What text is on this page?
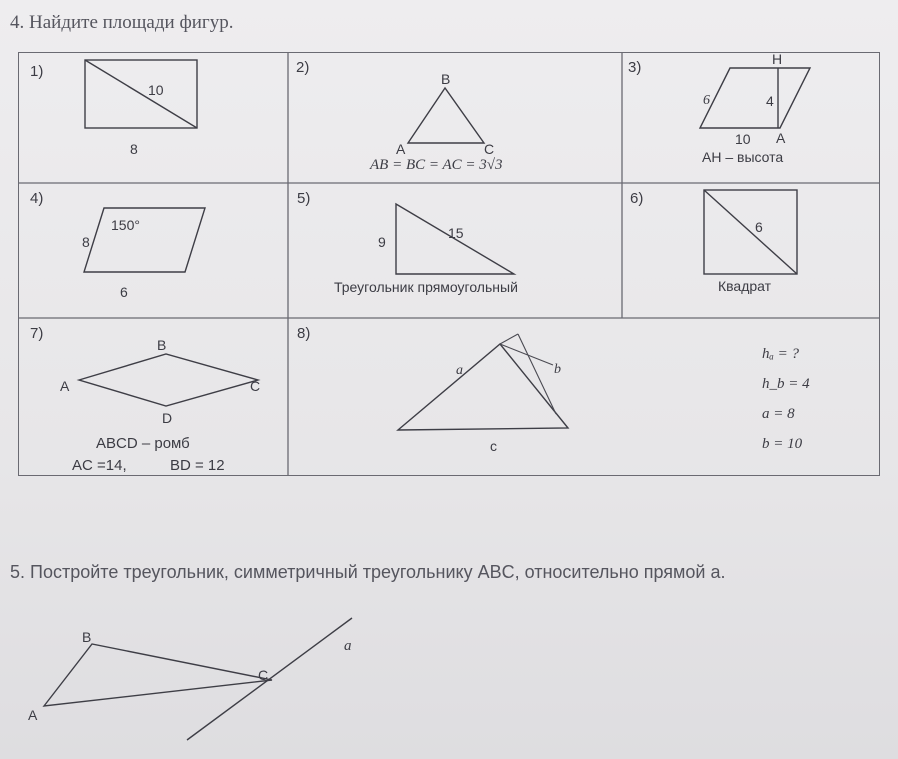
4. Найдите площади фигур.
1)
10
8
2)
B
A	C
AB = BC = AC = 3√3
3)	H
6	4
10 A
AH – высота
4)
150°
8
6
5)
9
15
Треугольник прямоугольный
6)
6
Квадрат
7)
B
A	C
D
ABCD – ромб
AC =14,	BD = 12
8)
a	b
c
hₐ = ?
h_b = 4
a = 8
b = 10
B
C
A
a
5. Постройте треугольник, симметричный треугольнику ABC, относительно прямой a.
